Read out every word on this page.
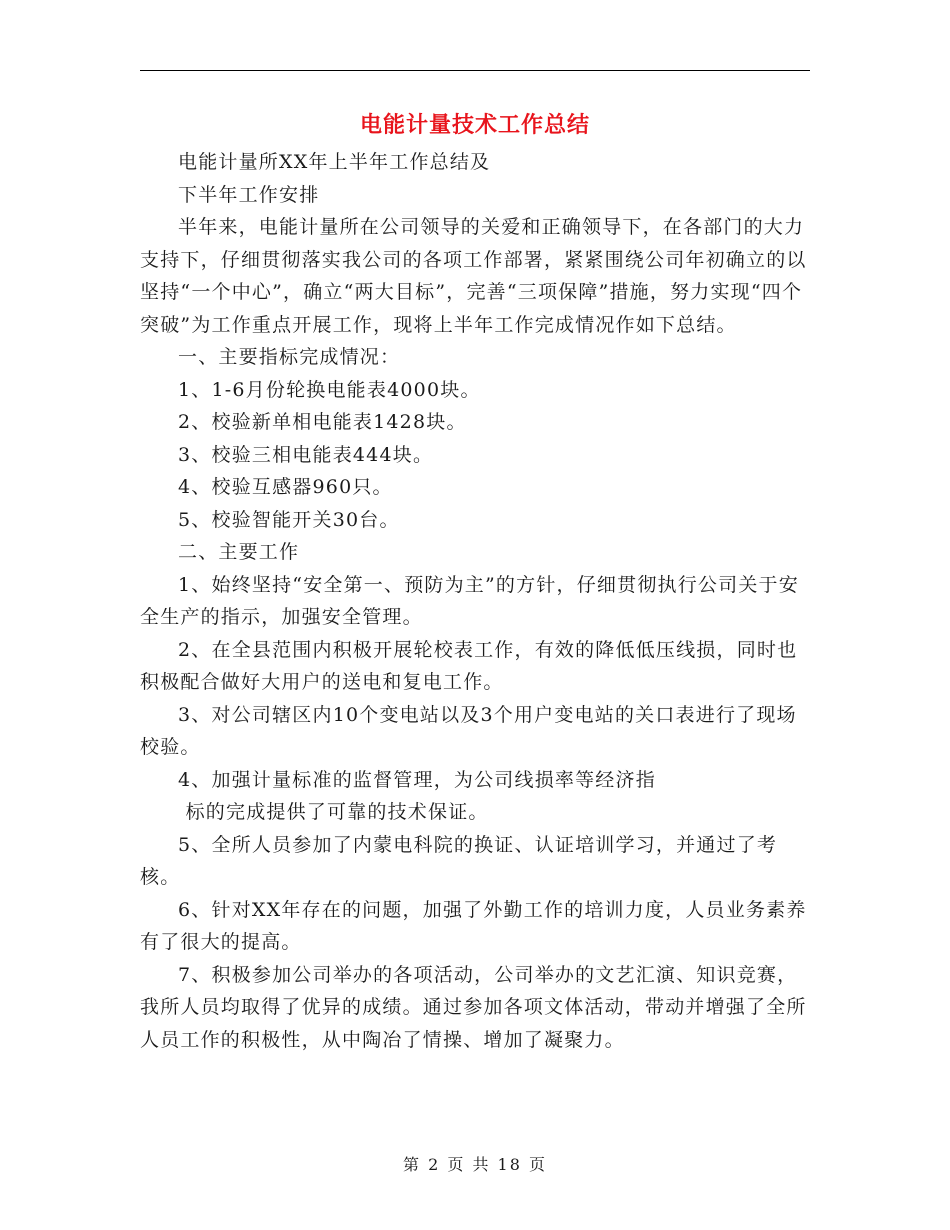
电能计量技术工作总结

电能计量所XX年上半年工作总结及

下半年工作安排

半年来，电能计量所在公司领导的关爱和正确领导下，在各部门的大力支持下，仔细贯彻落实我公司的各项工作部署，紧紧围绕公司年初确立的以坚持“一个中心”，确立“两大目标”，完善“三项保障”措施，努力实现“四个突破”为工作重点开展工作，现将上半年工作完成情况作如下总结。

一、主要指标完成情况：

1、1-6月份轮换电能表4000块。

2、校验新单相电能表1428块。

3、校验三相电能表444块。

4、校验互感器960只。

5、校验智能开关30台。

二、主要工作

1、始终坚持“安全第一、预防为主”的方针，仔细贯彻执行公司关于安全生产的指示，加强安全管理。

2、在全县范围内积极开展轮校表工作，有效的降低低压线损，同时也积极配合做好大用户的送电和复电工作。

3、对公司辖区内10个变电站以及3个用户变电站的关口表进行了现场校验。

4、加强计量标准的监督管理，为公司线损率等经济指

标的完成提供了可靠的技术保证。

5、全所人员参加了内蒙电科院的换证、认证培训学习，并通过了考核。

6、针对XX年存在的问题，加强了外勤工作的培训力度，人员业务素养有了很大的提高。

7、积极参加公司举办的各项活动，公司举办的文艺汇演、知识竞赛，我所人员均取得了优异的成绩。通过参加各项文体活动，带动并增强了全所人员工作的积极性，从中陶冶了情操、增加了凝聚力。

第 2 页 共 18 页
